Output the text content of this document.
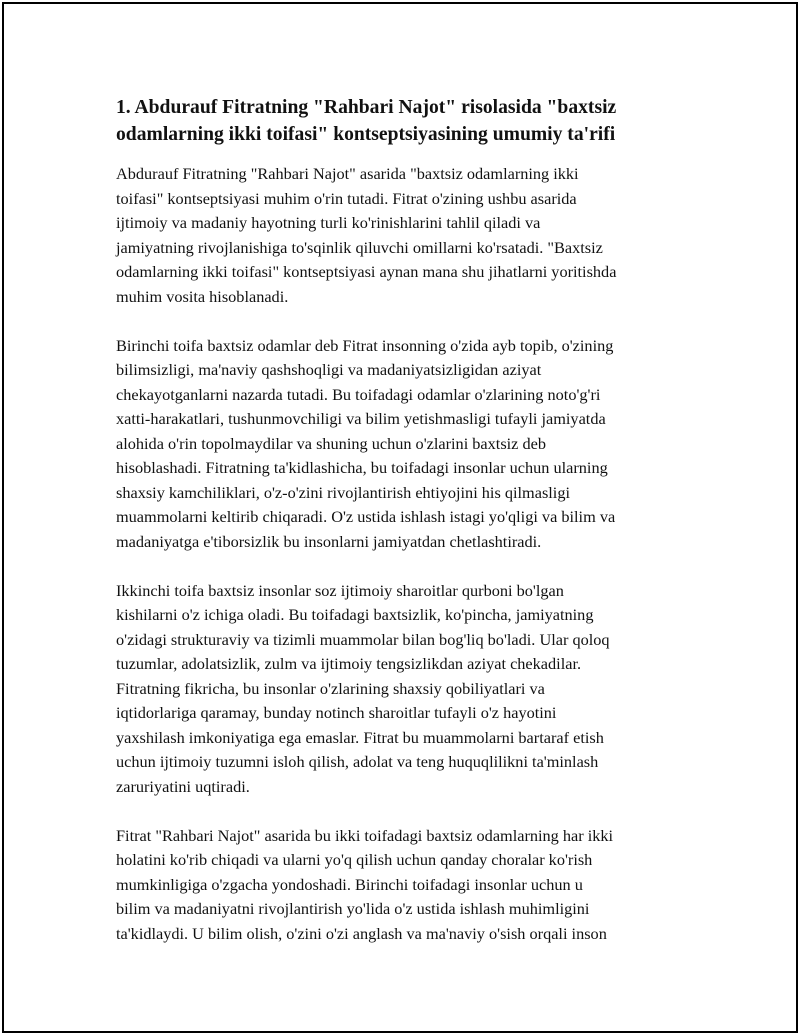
1. Abdurauf Fitratning "Rahbari Najot" risolasida "baxtsiz
odamlarning ikki toifasi" kontseptsiyasining umumiy ta'rifi

Abdurauf Fitratning "Rahbari Najot" asarida "baxtsiz odamlarning ikki
toifasi" kontseptsiyasi muhim o'rin tutadi. Fitrat o'zining ushbu asarida
ijtimoiy va madaniy hayotning turli ko'rinishlarini tahlil qiladi va
jamiyatning rivojlanishiga to'sqinlik qiluvchi omillarni ko'rsatadi. "Baxtsiz
odamlarning ikki toifasi" kontseptsiyasi aynan mana shu jihatlarni yoritishda
muhim vosita hisoblanadi.

Birinchi toifa baxtsiz odamlar deb Fitrat insonning o'zida ayb topib, o'zining
bilimsizligi, ma'naviy qashshoqligi va madaniyatsizligidan aziyat
chekayotganlarni nazarda tutadi. Bu toifadagi odamlar o'zlarining noto'g'ri
xatti-harakatlari, tushunmovchiligi va bilim yetishmasligi tufayli jamiyatda
alohida o'rin topolmaydilar va shuning uchun o'zlarini baxtsiz deb
hisoblashadi. Fitratning ta'kidlashicha, bu toifadagi insonlar uchun ularning
shaxsiy kamchiliklari, o'z-o'zini rivojlantirish ehtiyojini his qilmasligi
muammolarni keltirib chiqaradi. O'z ustida ishlash istagi yo'qligi va bilim va
madaniyatga e'tiborsizlik bu insonlarni jamiyatdan chetlashtiradi.

Ikkinchi toifa baxtsiz insonlar soz ijtimoiy sharoitlar qurboni bo'lgan
kishilarni o'z ichiga oladi. Bu toifadagi baxtsizlik, ko'pincha, jamiyatning
o'zidagi strukturaviy va tizimli muammolar bilan bog'liq bo'ladi. Ular qoloq
tuzumlar, adolatsizlik, zulm va ijtimoiy tengsizlikdan aziyat chekadilar.
Fitratning fikricha, bu insonlar o'zlarining shaxsiy qobiliyatlari va
iqtidorlariga qaramay, bunday notinch sharoitlar tufayli o'z hayotini
yaxshilash imkoniyatiga ega emaslar. Fitrat bu muammolarni bartaraf etish
uchun ijtimoiy tuzumni isloh qilish, adolat va teng huquqlilikni ta'minlash
zaruriyatini uqtiradi.

Fitrat "Rahbari Najot" asarida bu ikki toifadagi baxtsiz odamlarning har ikki
holatini ko'rib chiqadi va ularni yo'q qilish uchun qanday choralar ko'rish
mumkinligiga o'zgacha yondoshadi. Birinchi toifadagi insonlar uchun u
bilim va madaniyatni rivojlantirish yo'lida o'z ustida ishlash muhimligini
ta'kidlaydi. U bilim olish, o'zini o'zi anglash va ma'naviy o'sish orqali inson
